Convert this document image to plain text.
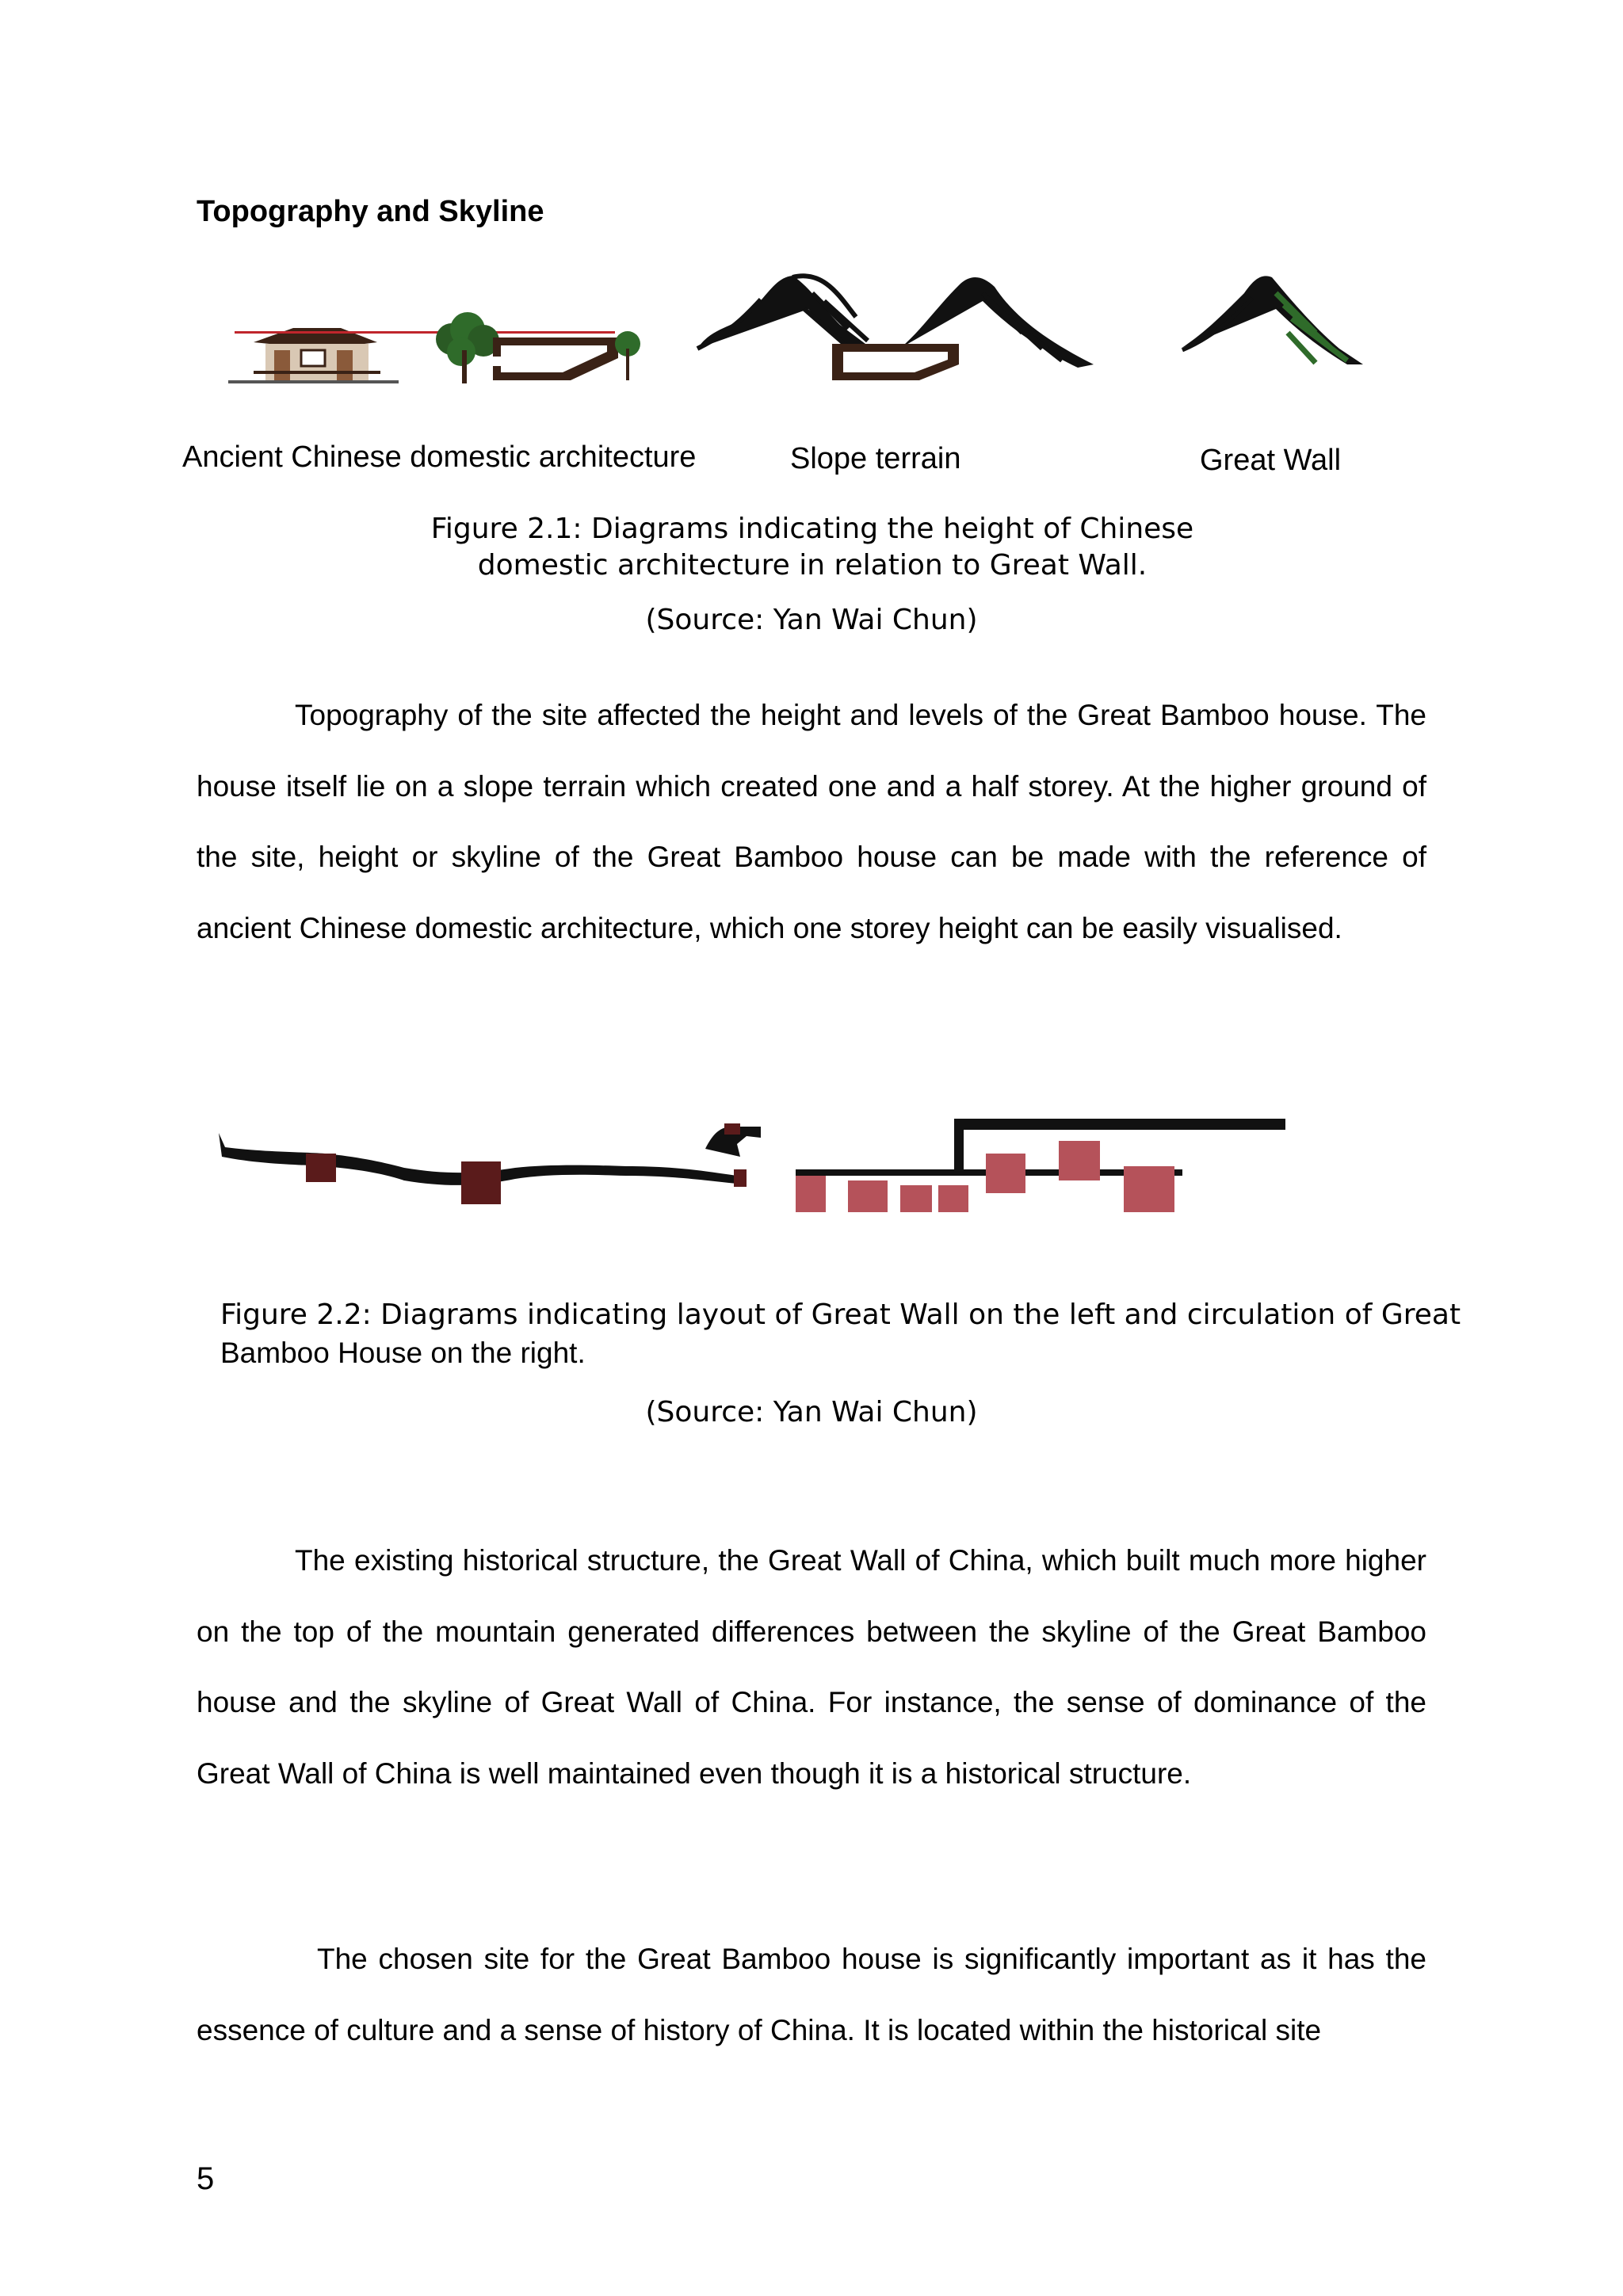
Topography and Skyline
Ancient Chinese domestic architecture	Slope terrain	Great Wall
Figure 2.1: Diagrams indicating the height of Chinese domestic architecture in relation to Great Wall.
(Source: Yan Wai Chun)
Topography of the site affected the height and levels of the Great Bamboo house. The house itself lie on a slope terrain which created one and a half storey. At the higher ground of the site, height or skyline of the Great Bamboo house can be made with the reference of ancient Chinese domestic architecture, which one storey height can be easily visualised.
Figure 2.2: Diagrams indicating layout of Great Wall on the left and circulation of Great
Bamboo House on the right.
(Source: Yan Wai Chun)
The existing historical structure, the Great Wall of China, which built much more higher on the top of the mountain generated differences between the skyline of the Great Bamboo house and the skyline of Great Wall of China. For instance, the sense of dominance of the Great Wall of China is well maintained even though it is a historical structure.
The chosen site for the Great Bamboo house is significantly important as it has the essence of culture and a sense of history of China. It is located within the historical site
5
